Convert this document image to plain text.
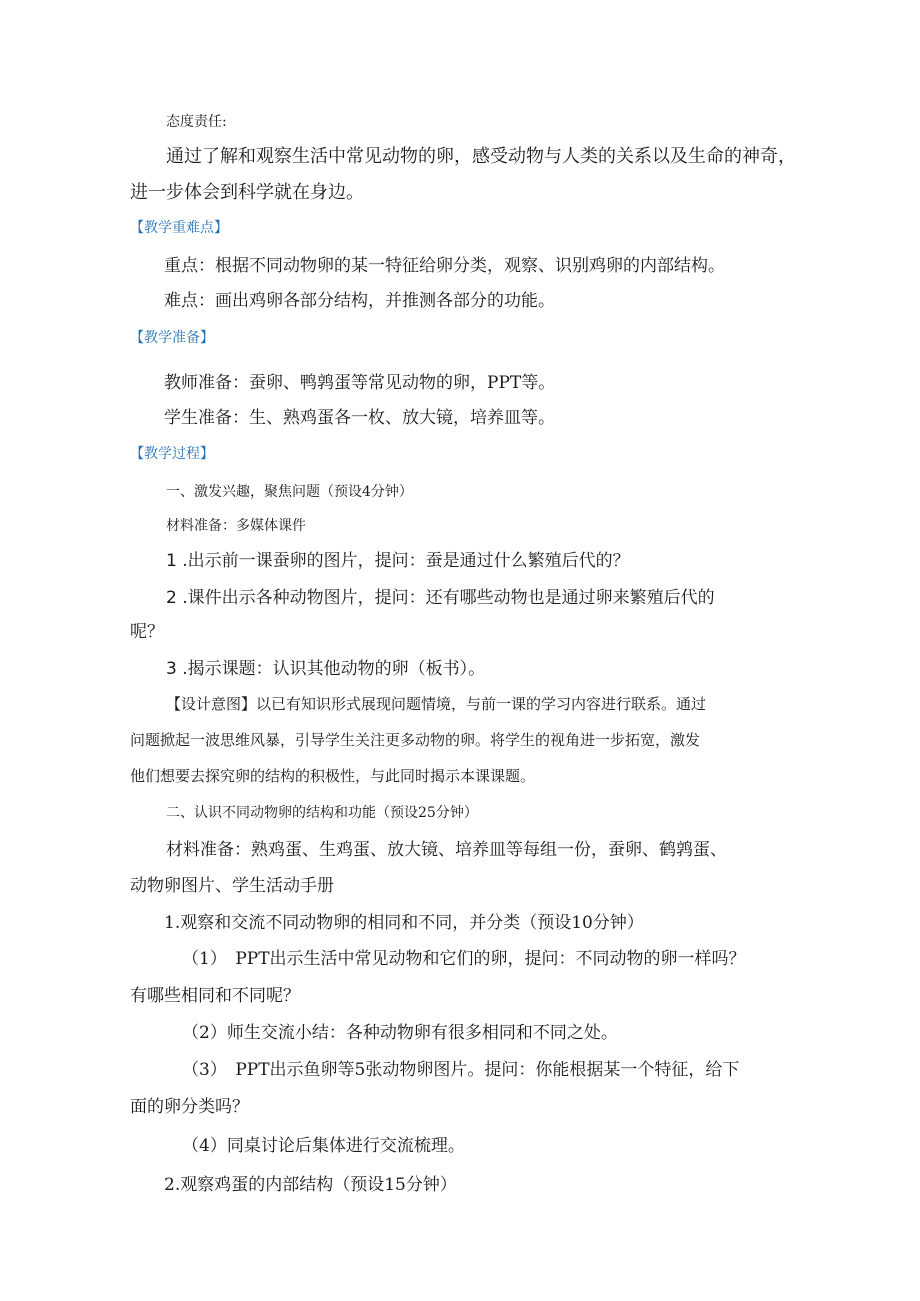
态度责任:
通过了解和观察生活中常见动物的卵，感受动物与人类的关系以及生命的神奇，
进一步体会到科学就在身边。
【教学重难点】
重点：根据不同动物卵的某一特征给卵分类，观察、识别鸡卵的内部结构。
难点：画出鸡卵各部分结构，并推测各部分的功能。
【教学准备】
教师准备：蚕卵、鸭鹑蛋等常见动物的卵，PPT等。
学生准备：生、熟鸡蛋各一枚、放大镜，培养皿等。
【教学过程】
一、激发兴趣，聚焦问题（预设4分钟）
材料准备：多媒体课件
1 .出示前一课蚕卵的图片，提问：蚕是通过什么繁殖后代的？
2 .课件出示各种动物图片，提问：还有哪些动物也是通过卵来繁殖后代的
呢？
3 .揭示课题：认识其他动物的卵（板书）。
【设计意图】以已有知识形式展现问题情境，与前一课的学习内容进行联系。通过
问题掀起一波思维风暴，引导学生关注更多动物的卵。将学生的视角进一步拓宽，激发
他们想要去探究卵的结构的积极性，与此同时揭示本课课题。
二、认识不同动物卵的结构和功能（预设25分钟）
材料准备：熟鸡蛋、生鸡蛋、放大镜、培养皿等每组一份，蚕卵、鹤鹑蛋、
动物卵图片、学生活动手册
1.观察和交流不同动物卵的相同和不同，并分类（预设10分钟）
（1）　PPT出示生活中常见动物和它们的卵，提问：不同动物的卵一样吗？
有哪些相同和不同呢？
（2）师生交流小结：各种动物卵有很多相同和不同之处。
（3）　PPT出示鱼卵等5张动物卵图片。提问：你能根据某一个特征，给下
面的卵分类吗？
（4）同桌讨论后集体进行交流梳理。
2.观察鸡蛋的内部结构（预设15分钟）
